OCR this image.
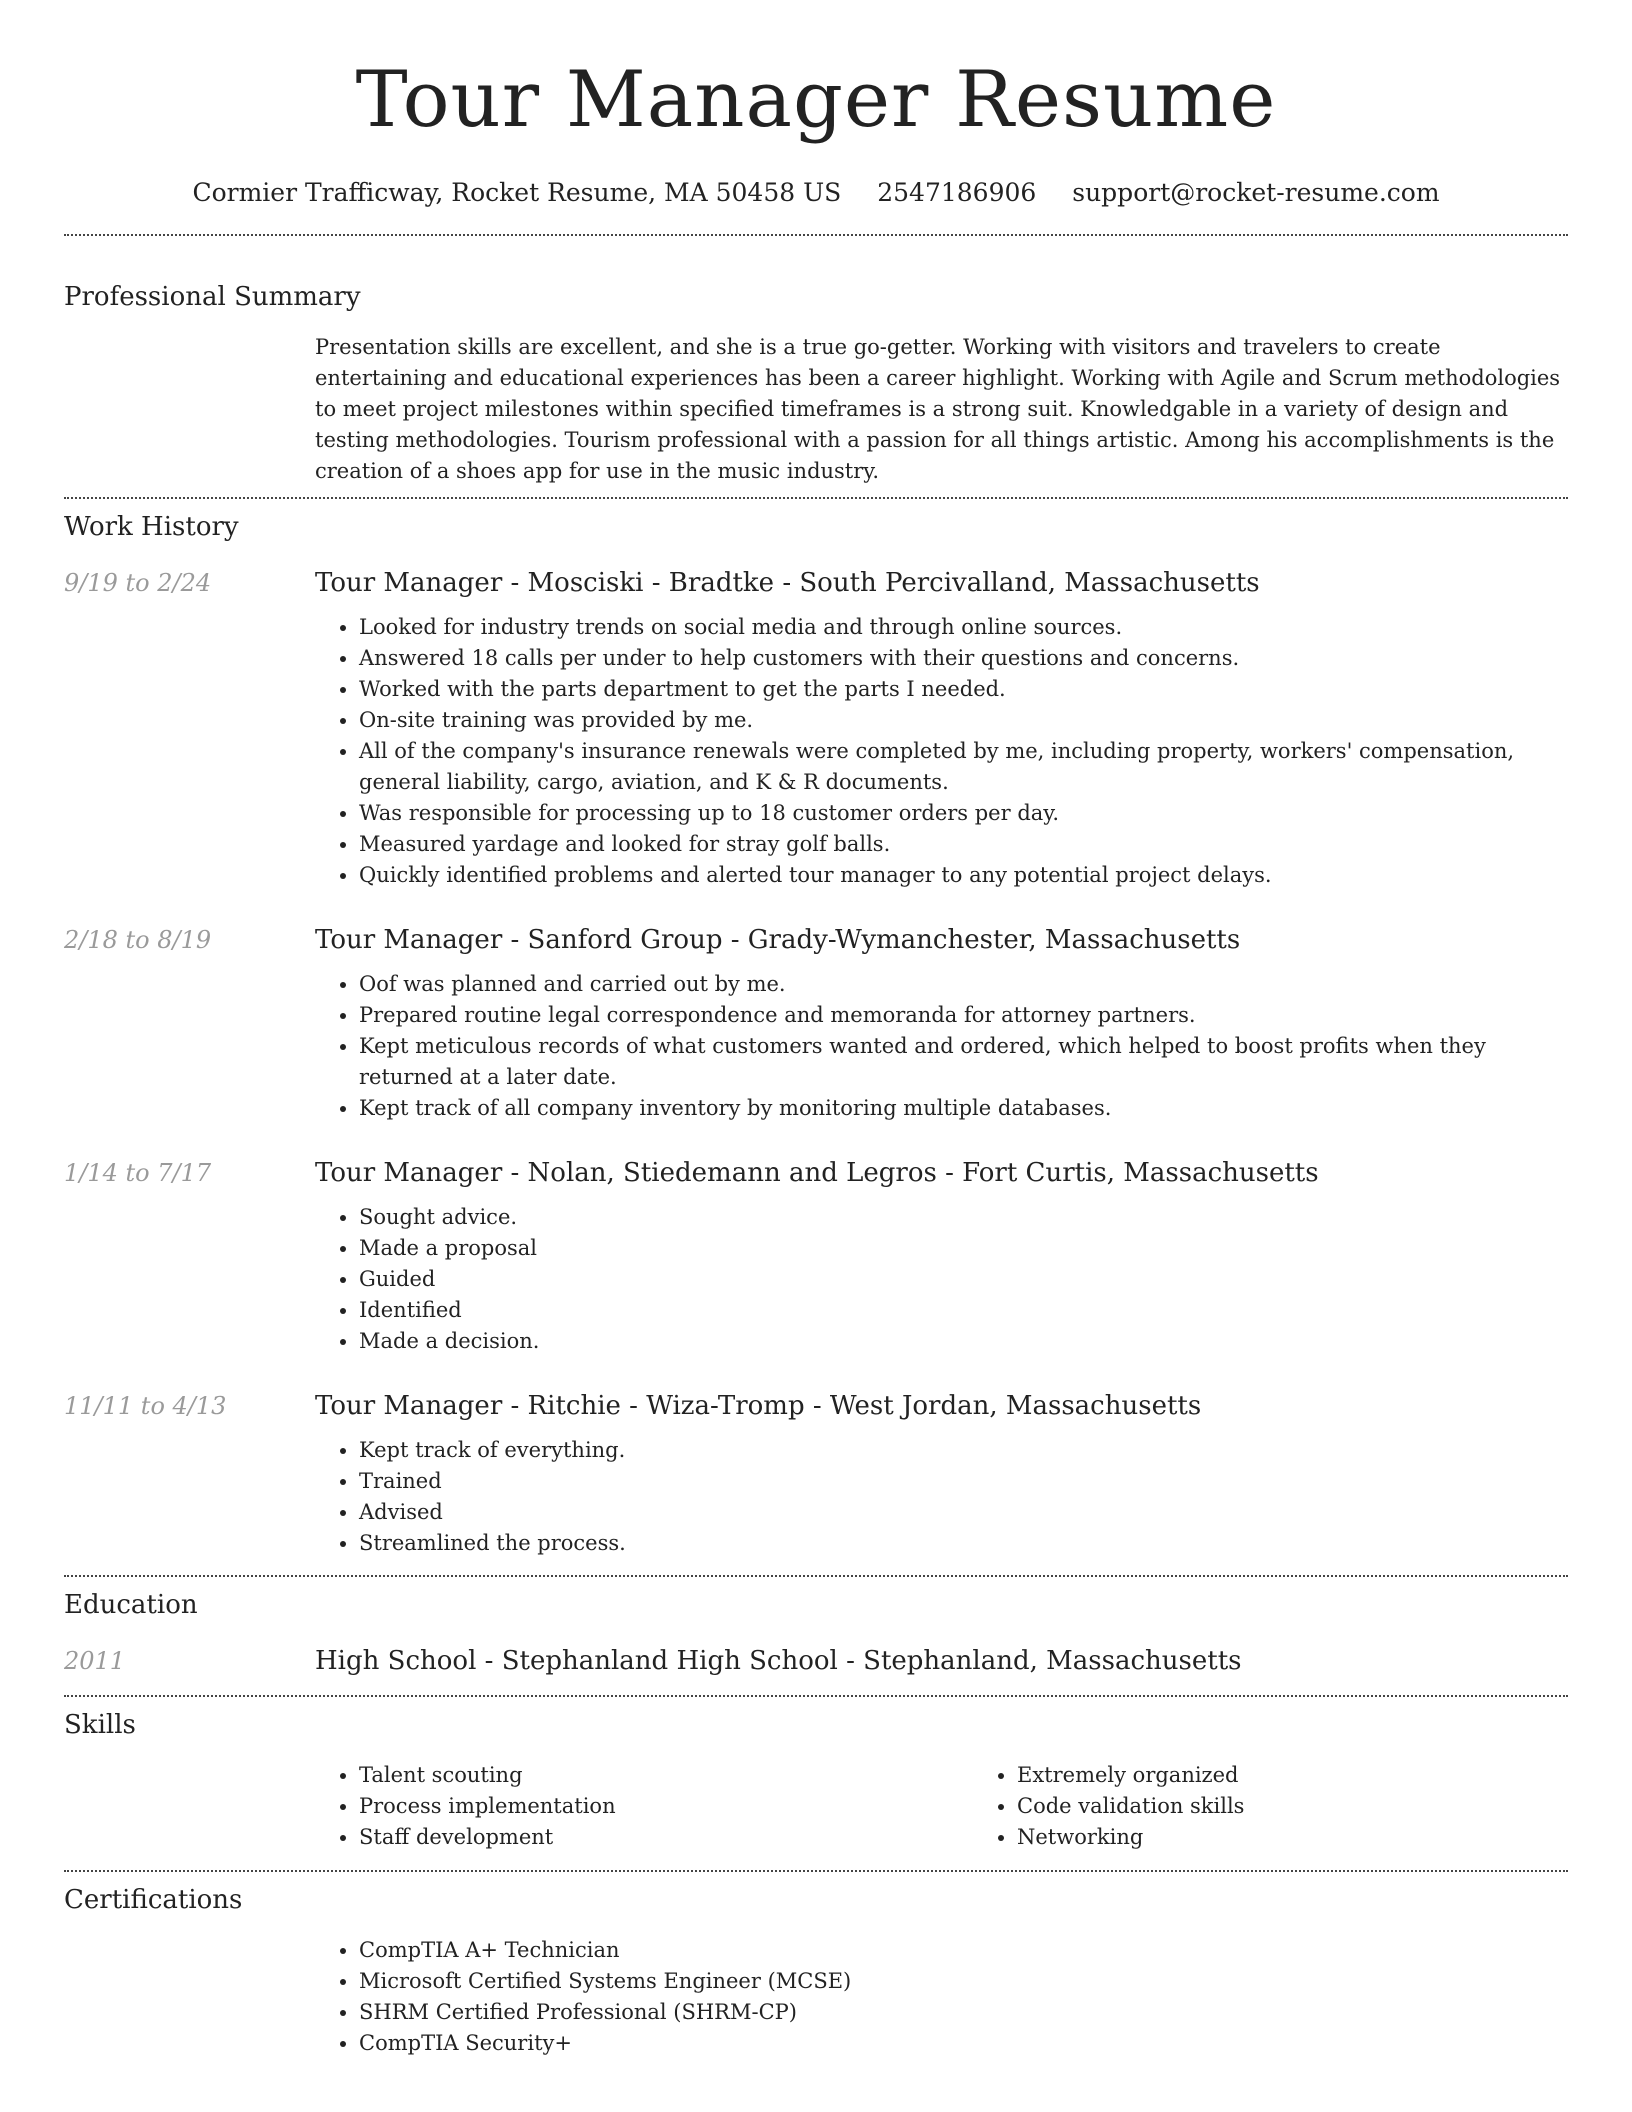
Tour Manager Resume
Cormier Trafficway, Rocket Resume, MA 50458 US 2547186906 support@rocket-resume.com
Professional Summary

Presentation skills are excellent, and she is a true go-getter. Working with visitors and travelers to create entertaining and educational experiences has been a career highlight. Working with Agile and Scrum methodologies to meet project milestones within specified timeframes is a strong suit. Knowledgable in a variety of design and testing methodologies. Tourism professional with a passion for all things artistic. Among his accomplishments is the creation of a shoes app for use in the music industry.

Work History
9/19 to 2/24	Tour Manager - Mosciski - Bradtke - South Percivalland, Massachusetts
• Looked for industry trends on social media and through online sources.
• Answered 18 calls per under to help customers with their questions and concerns.
• Worked with the parts department to get the parts I needed.
• On-site training was provided by me.
• All of the company's insurance renewals were completed by me, including property, workers' compensation, general liability, cargo, aviation, and K & R documents.
• Was responsible for processing up to 18 customer orders per day.
• Measured yardage and looked for stray golf balls.
• Quickly identified problems and alerted tour manager to any potential project delays.
2/18 to 8/19	Tour Manager - Sanford Group - Grady-Wymanchester, Massachusetts
• Oof was planned and carried out by me.
• Prepared routine legal correspondence and memoranda for attorney partners.
• Kept meticulous records of what customers wanted and ordered, which helped to boost profits when they returned at a later date.
• Kept track of all company inventory by monitoring multiple databases.
1/14 to 7/17	Tour Manager - Nolan, Stiedemann and Legros - Fort Curtis, Massachusetts
• Sought advice.
• Made a proposal
• Guided
• Identified
• Made a decision.
11/11 to 4/13	Tour Manager - Ritchie - Wiza-Tromp - West Jordan, Massachusetts
• Kept track of everything.
• Trained
• Advised
• Streamlined the process.
Education
2011	High School - Stephanland High School - Stephanland, Massachusetts
Skills
• Talent scouting
• Process implementation
• Staff development
• Extremely organized
• Code validation skills
• Networking
Certifications
• CompTIA A+ Technician
• Microsoft Certified Systems Engineer (MCSE)
• SHRM Certified Professional (SHRM-CP)
• CompTIA Security+
